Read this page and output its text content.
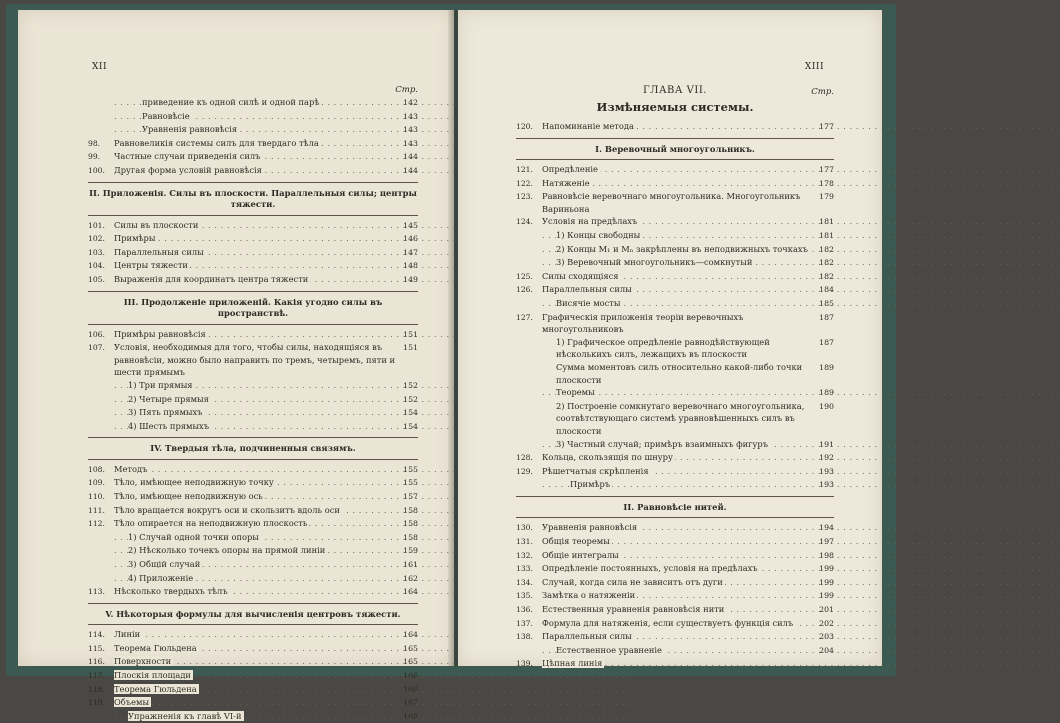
XII
Стр.
приведение къ одной силѣ и одной парѣ . . .	142
Равновѣсіе . . .	143
Уравненія равновѣсія . . .	143
98.	Равновеликія системы силъ для твердаго тѣла . . .	143
99.	Частные случаи приведенія силъ . . .	144
100.	Другая форма условій равновѣсія . . .	144
II. Приложенія. Силы въ плоскости. Параллельныя силы; центры тяжести.
101.	Силы въ плоскости . . .	145
102.	Примѣры . . .	146
103.	Параллельныя силы . . .	147
104.	Центры тяжести . . .	148
105.	Выраженія для координатъ центра тяжести . . .	149
III. Продолженіе приложеній. Какія угодно силы въ пространствѣ.
106.	Примѣры равновѣсія . . .	151
107.	Условія, необходимыя для того, чтобы силы, находящіяся въ равновѣсіи, можно было направить по тремъ, четыремъ, пяти и шести прямымъ
151
1) Три прямыя . . .	152
2) Четыре прямыя . . .	152
3) Пять прямыхъ . . .	154
4) Шесть прямыхъ . . .	154
IV. Твердыя тѣла, подчиненныя связямъ.
108.	Методъ . . .	155
109.	Тѣло, имѣющее неподвижную точку . . .	155
110.	Тѣло, имѣющее неподвижную ось . . .	157
111.	Тѣло вращается вокругъ оси и скользитъ вдоль оси . . .	158
112.	Тѣло опирается на неподвижную плоскость . . .	158
1) Случай одной точки опоры . . .	158
2) Нѣсколько точекъ опоры на прямой линіи . . .	159
3) Общій случай . . .	161
4) Приложеніе . . .	162
113.	Нѣсколько твердыхъ тѣлъ . . .	164
V. Нѣкоторыя формулы для вычисленія центровъ тяжести.
114.	Линіи . . .	164
115.	Теорема Гюльдена . . .	165
116.	Поверхности . . .	165
117.	Плоскія площади . . .	166
118.	Теорема Гюльдена . . .	166
119.	Объемы . . .	167
Упражненія къ главѣ VI-й . . .	168
XIII
ГЛАВА VII.	Стр.
Измѣняемыя системы.
120.	Напоминаніе метода . . .	177
I. Веревочный многоугольникъ.
121.	Опредѣленіе . . .	177
122.	Натяженіе . . .	178
123.	Равновѣсіе веревочнаго многоугольника. Многоугольникъ Вариньона
179
124.	Условія на предѣлахъ . . .	181
1) Концы свободны . . .	181
2) Концы M₁ и Mₙ закрѣплены въ неподвижныхъ точкахъ . . .	182
3) Веревочный многоугольникъ—сомкнутый . . .	182
125.	Силы сходящіяся . . .	182
126.	Параллельныя силы . . .	184
Висячіе мосты . . .	185
127.	Графическія приложенія теоріи веревочныхъ многоугольниковъ
187
1) Графическое опредѣленіе равнодѣйствующей нѣсколькихъ силъ, лежащихъ въ плоскости
187
Сумма моментовъ силъ относительно какой-либо точки плоскости
189
Теоремы . . .	189
2) Построеніе сомкнутаго веревочнаго многоугольника, соотвѣтствующаго системѣ уравновѣшенныхъ силъ въ плоскости
190
3) Частный случай; примѣръ взаимныхъ фигуръ . . .	191
128.	Кольца, скользящія по шнуру . . .	192
129.	Рѣшетчатыя скрѣпленія . . .	193
Примѣръ . . .	193
II. Равновѣсіе нитей.
130.	Уравненія равновѣсія . . .	194
131.	Общія теоремы . . .	197
132.	Общіе интегралы . . .	198
133.	Опредѣленіе постоянныхъ, условія на предѣлахъ . . .	199
134.	Случай, когда сила не зависитъ отъ дуги . . .	199
135.	Замѣтка о натяженіи . . .	199
136.	Естественныя уравненія равновѣсія нити . . .	201
137.	Формула для натяженія, если существуетъ функція силъ . . .	202
138.	Параллельныя силы . . .	203
Естественное уравненіе . . .	204
139.	Цѣпная линія . . .
